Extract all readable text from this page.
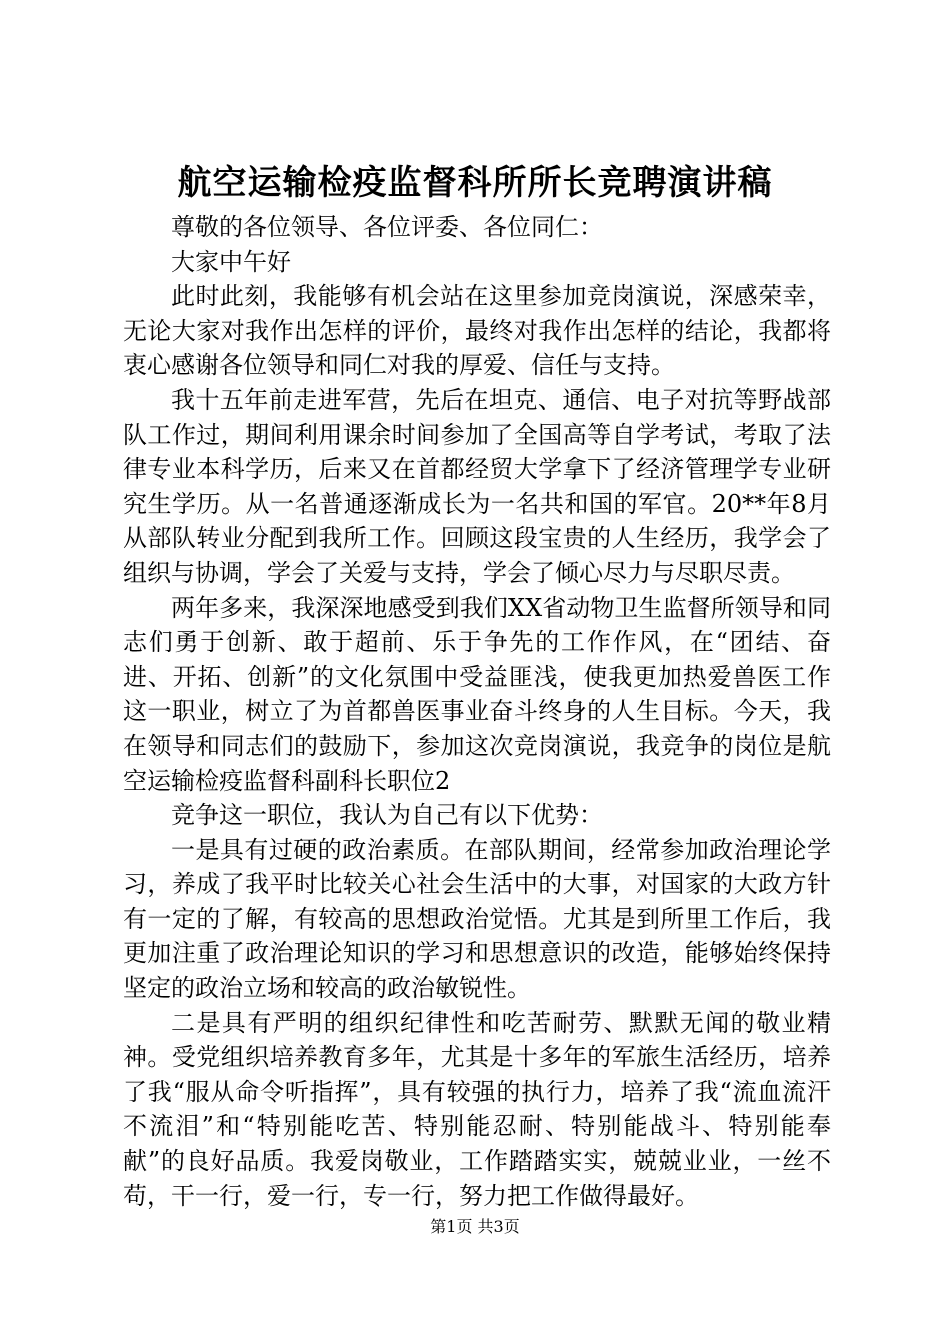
航空运输检疫监督科所所长竞聘演讲稿

尊敬的各位领导、各位评委、各位同仁：

大家中午好

此时此刻，我能够有机会站在这里参加竞岗演说，深感荣幸，无论大家对我作出怎样的评价，最终对我作出怎样的结论，我都将衷心感谢各位领导和同仁对我的厚爱、信任与支持。

我十五年前走进军营，先后在坦克、通信、电子对抗等野战部队工作过，期间利用课余时间参加了全国高等自学考试，考取了法律专业本科学历，后来又在首都经贸大学拿下了经济管理学专业研究生学历。从一名普通逐渐成长为一名共和国的军官。20**年8月从部队转业分配到我所工作。回顾这段宝贵的人生经历，我学会了组织与协调，学会了关爱与支持，学会了倾心尽力与尽职尽责。

两年多来，我深深地感受到我们XX省动物卫生监督所领导和同志们勇于创新、敢于超前、乐于争先的工作作风，在“团结、奋进、开拓、创新”的文化氛围中受益匪浅，使我更加热爱兽医工作这一职业，树立了为首都兽医事业奋斗终身的人生目标。今天，我在领导和同志们的鼓励下，参加这次竞岗演说，我竞争的岗位是航空运输检疫监督科副科长职位2

竞争这一职位，我认为自己有以下优势：

一是具有过硬的政治素质。在部队期间，经常参加政治理论学习，养成了我平时比较关心社会生活中的大事，对国家的大政方针有一定的了解，有较高的思想政治觉悟。尤其是到所里工作后，我更加注重了政治理论知识的学习和思想意识的改造，能够始终保持坚定的政治立场和较高的政治敏锐性。

二是具有严明的组织纪律性和吃苦耐劳、默默无闻的敬业精神。受党组织培养教育多年，尤其是十多年的军旅生活经历，培养了我“服从命令听指挥”，具有较强的执行力，培养了我“流血流汗不流泪”和“特别能吃苦、特别能忍耐、特别能战斗、特别能奉献”的良好品质。我爱岗敬业，工作踏踏实实，兢兢业业，一丝不苟，干一行，爱一行，专一行，努力把工作做得最好。

第1页 共3页
